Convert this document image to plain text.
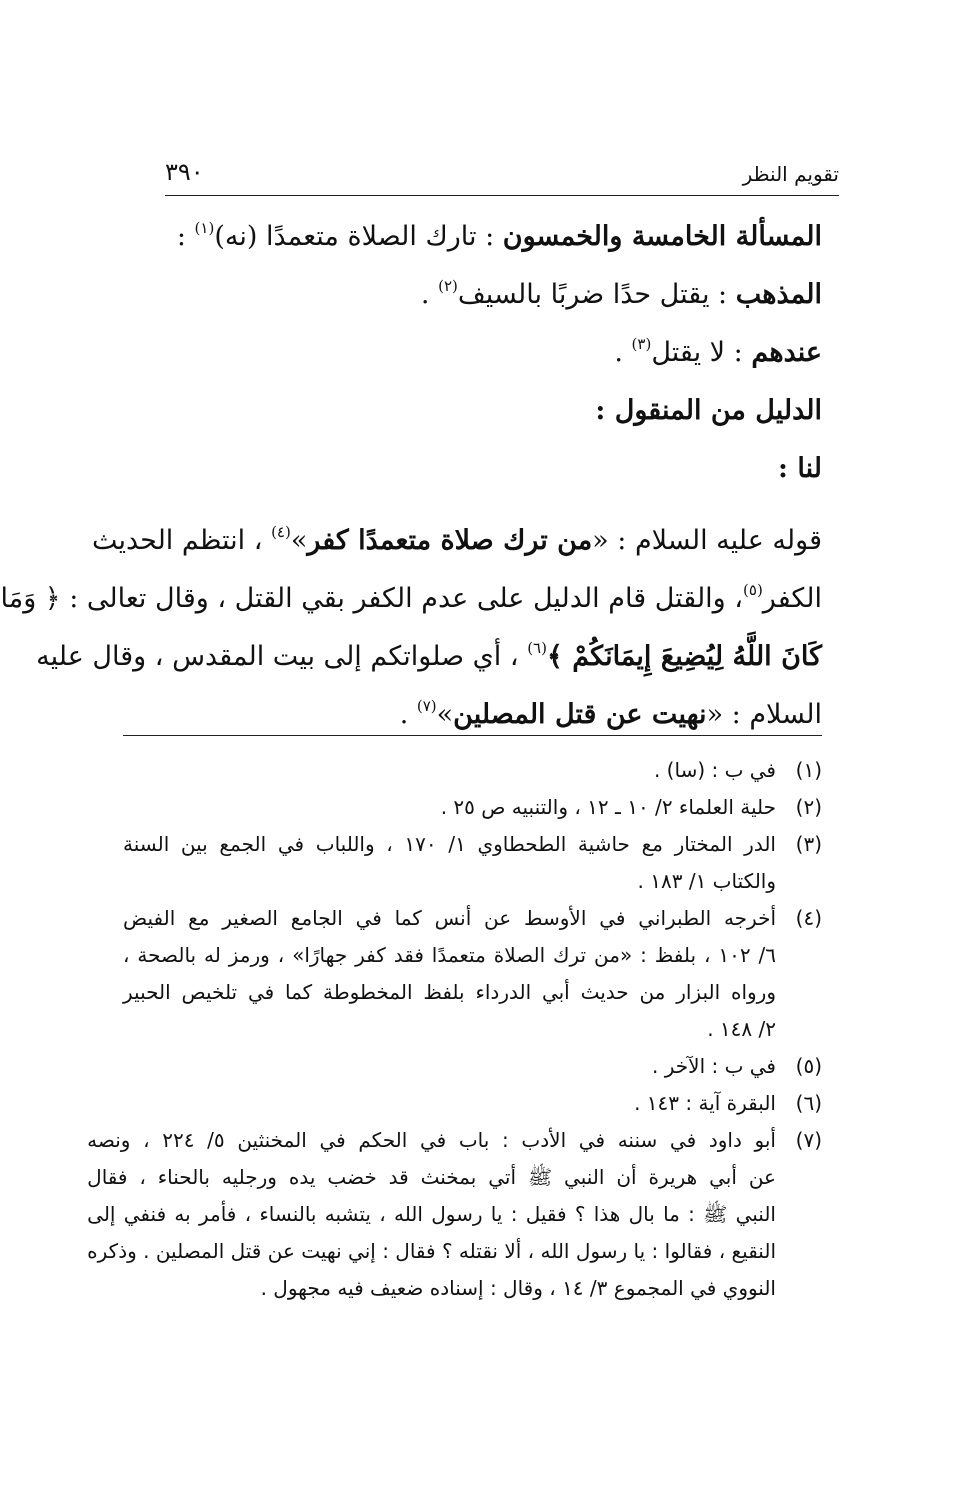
تقويم النظر
٣٩٠

المسألة الخامسة والخمسون : تارك الصلاة متعمدًا (نه)$^{(١)}$ :

المذهب : يقتل حدًا ضربًا بالسيف$^{(٢)}$ .

عندهم : لا يقتل$^{(٣)}$ .

الدليل من المنقول :

لنا :

قوله عليه السلام : «من ترك صلاة متعمدًا كفر»$^{(٤)}$ ، انتظم الحديث

الكفر$^{(٥)}$، والقتل قام الدليل على عدم الكفر بقي القتل ، وقال تعالى : ﴿ وَمَا

كَانَ اللَّهُ لِيُضِيعَ إِيمَانَكُمْ ﴾$^{(٦)}$ ، أي صلواتكم إلى بيت المقدس ، وقال عليه

السلام : «نهيت عن قتل المصلين»$^{(٧)}$ .

(١)
في ب : (سا) .
(٢)
حلية العلماء ٢/ ١٠ ـ ١٢ ، والتنبيه ص ٢٥ .
(٣)
الدر المختار مع حاشية الطحطاوي ١/ ١٧٠ ، واللباب في الجمع بين السنة
والكتاب ١/ ١٨٣ .
(٤)
أخرجه الطبراني في الأوسط عن أنس كما في الجامع الصغير مع الفيض
٦/ ١٠٢ ، بلفظ : «من ترك الصلاة متعمدًا فقد كفر جهارًا» ، ورمز له بالصحة ،
ورواه البزار من حديث أبي الدرداء بلفظ المخطوطة كما في تلخيص الحبير
٢/ ١٤٨ .
(٥)
في ب : الآخر .
(٦)
البقرة آية : ١٤٣ .
(٧)
أبو داود في سننه في الأدب : باب في الحكم في المخنثين ٥/ ٢٢٤ ، ونصه
عن أبي هريرة أن النبي ﷺ أتي بمخنث قد خضب يده ورجليه بالحناء ، فقال
النبي ﷺ : ما بال هذا ؟ فقيل : يا رسول الله ، يتشبه بالنساء ، فأمر به فنفي إلى
النقيع ، فقالوا : يا رسول الله ، ألا نقتله ؟ فقال : إني نهيت عن قتل المصلين . وذكره
النووي في المجموع ٣/ ١٤ ، وقال : إسناده ضعيف فيه مجهول .
